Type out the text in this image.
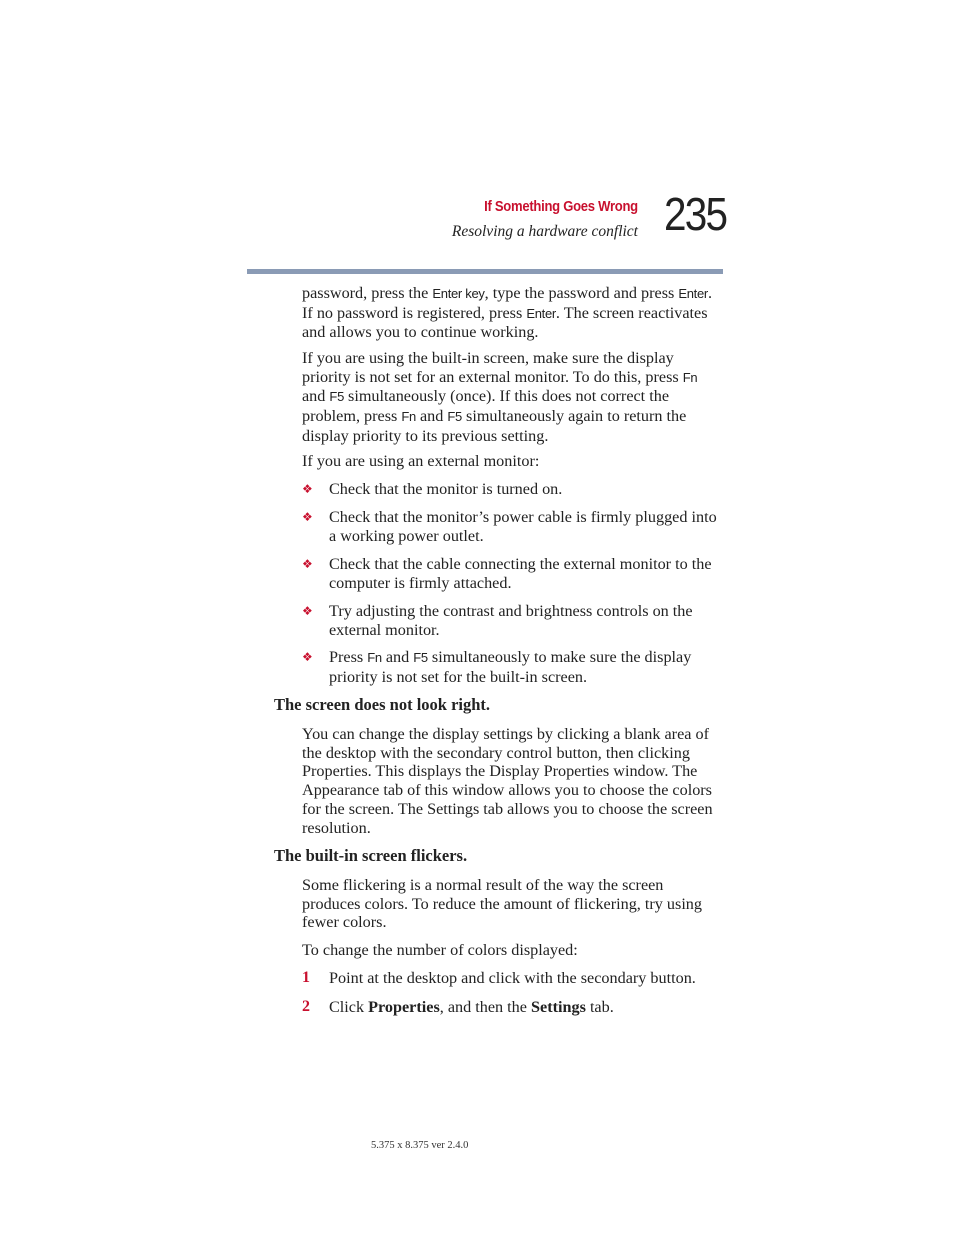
If Something Goes Wrong
Resolving a hardware conflict 235
password, press the Enter key, type the password and press Enter. If no password is registered, press Enter. The screen reactivates and allows you to continue working.
If you are using the built-in screen, make sure the display priority is not set for an external monitor. To do this, press Fn and F5 simultaneously (once). If this does not correct the problem, press Fn and F5 simultaneously again to return the display priority to its previous setting.
If you are using an external monitor:
❖ Check that the monitor is turned on.
❖ Check that the monitor’s power cable is firmly plugged into a working power outlet.
❖ Check that the cable connecting the external monitor to the computer is firmly attached.
❖ Try adjusting the contrast and brightness controls on the external monitor.
❖ Press Fn and F5 simultaneously to make sure the display priority is not set for the built-in screen.
The screen does not look right.
You can change the display settings by clicking a blank area of the desktop with the secondary control button, then clicking Properties. This displays the Display Properties window. The Appearance tab of this window allows you to choose the colors for the screen. The Settings tab allows you to choose the screen resolution.
The built-in screen flickers.
Some flickering is a normal result of the way the screen produces colors. To reduce the amount of flickering, try using fewer colors.
To change the number of colors displayed:
1 Point at the desktop and click with the secondary button.
2 Click Properties, and then the Settings tab.
5.375 x 8.375 ver 2.4.0
